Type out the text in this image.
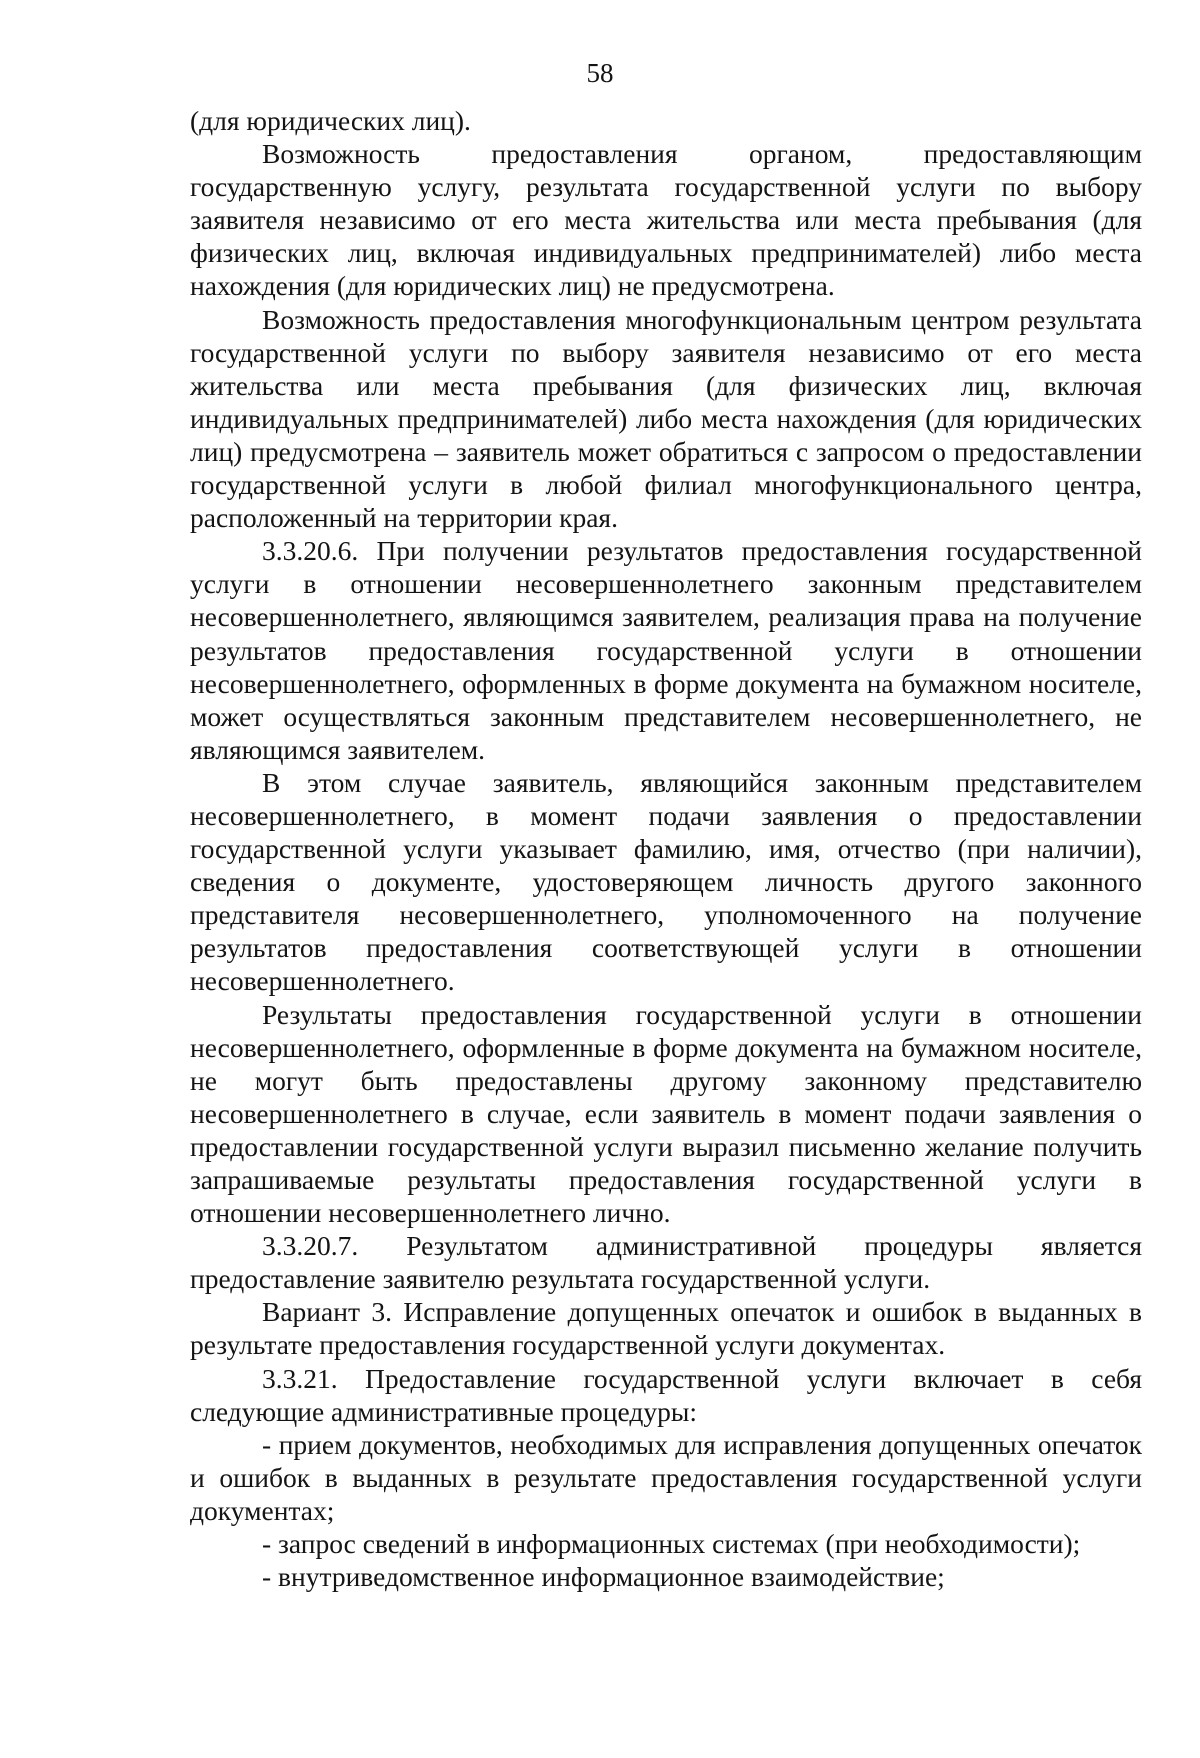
58

(для юридических лиц).

Возможность предоставления органом, предоставляющим государственную услугу, результата государственной услуги по выбору заявителя независимо от его места жительства или места пребывания (для физических лиц, включая индивидуальных предпринимателей) либо места нахождения (для юридических лиц) не предусмотрена.

Возможность предоставления многофункциональным центром результата государственной услуги по выбору заявителя независимо от его места жительства или места пребывания (для физических лиц, включая индивидуальных предпринимателей) либо места нахождения (для юридических лиц) предусмотрена – заявитель может обратиться с запросом о предоставлении государственной услуги в любой филиал многофункционального центра, расположенный на территории края.

3.3.20.6. При получении результатов предоставления государственной услуги в отношении несовершеннолетнего законным представителем несовершеннолетнего, являющимся заявителем, реализация права на получение результатов предоставления государственной услуги в отношении несовершеннолетнего, оформленных в форме документа на бумажном носителе, может осуществляться законным представителем несовершеннолетнего, не являющимся заявителем.

В этом случае заявитель, являющийся законным представителем несовершеннолетнего, в момент подачи заявления о предоставлении государственной услуги указывает фамилию, имя, отчество (при наличии), сведения о документе, удостоверяющем личность другого законного представителя несовершеннолетнего, уполномоченного на получение результатов предоставления соответствующей услуги в отношении несовершеннолетнего.

Результаты предоставления государственной услуги в отношении несовершеннолетнего, оформленные в форме документа на бумажном носителе, не могут быть предоставлены другому законному представителю несовершеннолетнего в случае, если заявитель в момент подачи заявления о предоставлении государственной услуги выразил письменно желание получить запрашиваемые результаты предоставления государственной услуги в отношении несовершеннолетнего лично.

3.3.20.7. Результатом административной процедуры является предоставление заявителю результата государственной услуги.

Вариант 3. Исправление допущенных опечаток и ошибок в выданных в результате предоставления государственной услуги документах.

3.3.21. Предоставление государственной услуги включает в себя следующие административные процедуры:

- прием документов, необходимых для исправления допущенных опечаток и ошибок в выданных в результате предоставления государственной услуги документах;

- запрос сведений в информационных системах (при необходимости);

- внутриведомственное информационное взаимодействие;
